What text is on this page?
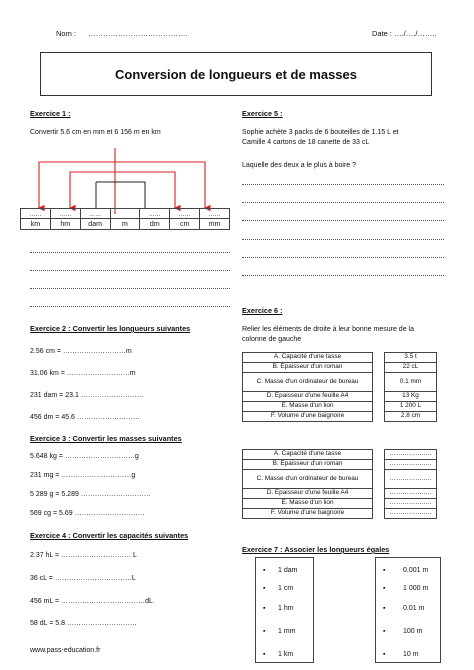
Nom : ………………………………….	Date : …./…./……..
Conversion de longueurs et de masses
Exercice 1 :
Convertir 5.6 cm en mm et 6 156 m en km
……	……	……		……	……	……
km	hm	dam	m	dm	cm	mm
Exercice 2 : Convertir les longueurs suivantes
2.56 cm = ………………………m
31.06 km = ………………………m
231 dam = 23.1 ………………………
456 dm = 45.6 ………………………
Exercice 3 : Convertir les masses suivantes
5.648 kg = …………………………g
231 mg = …………………………g
5 289 g = 5.289 …………………………
569 cg = 5.69 …………………………
Exercice 4 : Convertir les capacités suivantes
2.37 hL = ………………………… L
36 cL = ……………………………L
456 mL = ………………………………dL
58 dL = 5.8 …………………………
www.pass-education.fr
Exercice 5 :
Sophie achète 3 packs de 6 bouteilles de 1.15 L et
Camille 4 cartons de 18 canette de 33 cL
Laquelle des deux a le plus à boire ?
Exercice 6 :
Relier les éléments de droite à leur bonne mesure de la
colonne de gauche
A. Capacité d'une tasse		3.5 t
B. Epaisseur d'un roman		22 cL
C. Masse d'un ordinateur de bureau		0.1 mm
D. Epaisseur d'une feuille A4		13 Kg
E. Masse d'un lion		1 200 L
F. Volume d'une baignoire		2.8 cm
A. Capacité d'une tasse		………………..
B. Epaisseur d'un roman		………………..
C. Masse d'un ordinateur de bureau		………………..
D. Epaisseur d'une feuille A4		………………..
E. Masse d'un lion		………………..
F. Volume d'une baignoire		………………..
Exercice 7 : Associer les longueurs égales
▪ 1 dam
▪ 1 cm
▪ 1 hm
▪ 1 mm
▪ 1 km
▪	0.001 m
▪	1 000 m
▪	0.01 m
▪	100 m
▪	10 m
